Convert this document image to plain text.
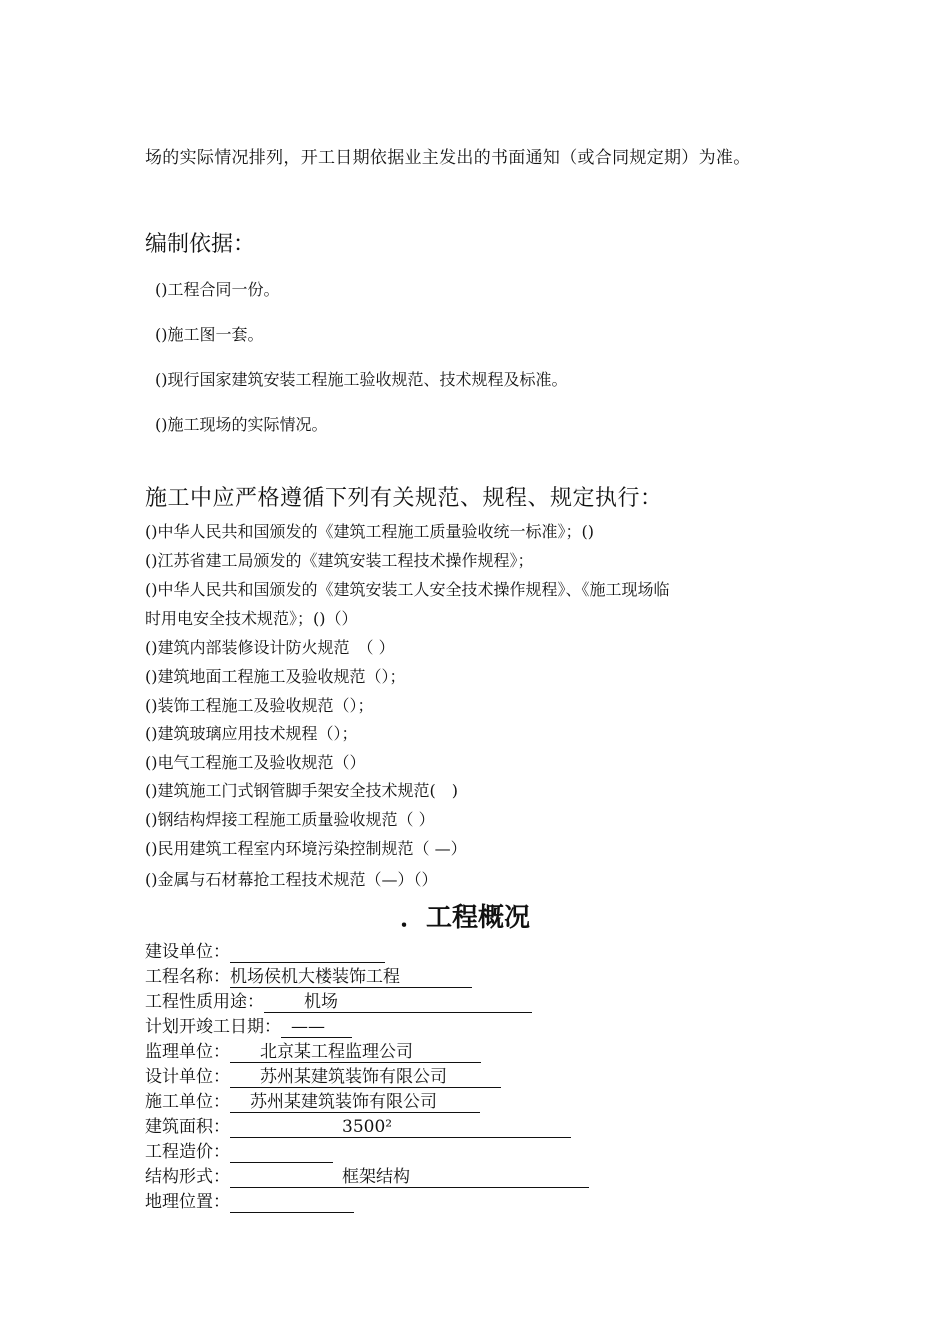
场的实际情况排列，开工日期依据业主发出的书面通知（或合同规定期）为准。
编制依据：
()工程合同一份。
()施工图一套。
()现行国家建筑安装工程施工验收规范、技术规程及标准。
()施工现场的实际情况。
施工中应严格遵循下列有关规范、规程、规定执行：
()中华人民共和国颁发的《建筑工程施工质量验收统一标准》；()
()江苏省建工局颁发的《建筑安装工程技术操作规程》；
()中华人民共和国颁发的《建筑安装工人安全技术操作规程》、《施工现场临
时用电安全技术规范》；()（）
()建筑内部装修设计防火规范　（ ）
()建筑地面工程施工及验收规范（）；
()装饰工程施工及验收规范（）；
()建筑玻璃应用技术规程（）；
()电气工程施工及验收规范（）
()建筑施工门式钢管脚手架安全技术规范(　)
()钢结构焊接工程施工质量验收规范（ ）
()民用建筑工程室内环境污染控制规范（ —）
()金属与石材幕抢工程技术规范（—）（）
．工程概况
建设单位：
工程名称： 机场侯机大楼装饰工程
工程性质用途： 机场
计划开竣工日期： ——
监理单位： 北京某工程监理公司
设计单位： 苏州某建筑装饰有限公司
施工单位： 苏州某建筑装饰有限公司
建筑面积：	3500²
工程造价：
结构形式：	框架结构
地理位置：
